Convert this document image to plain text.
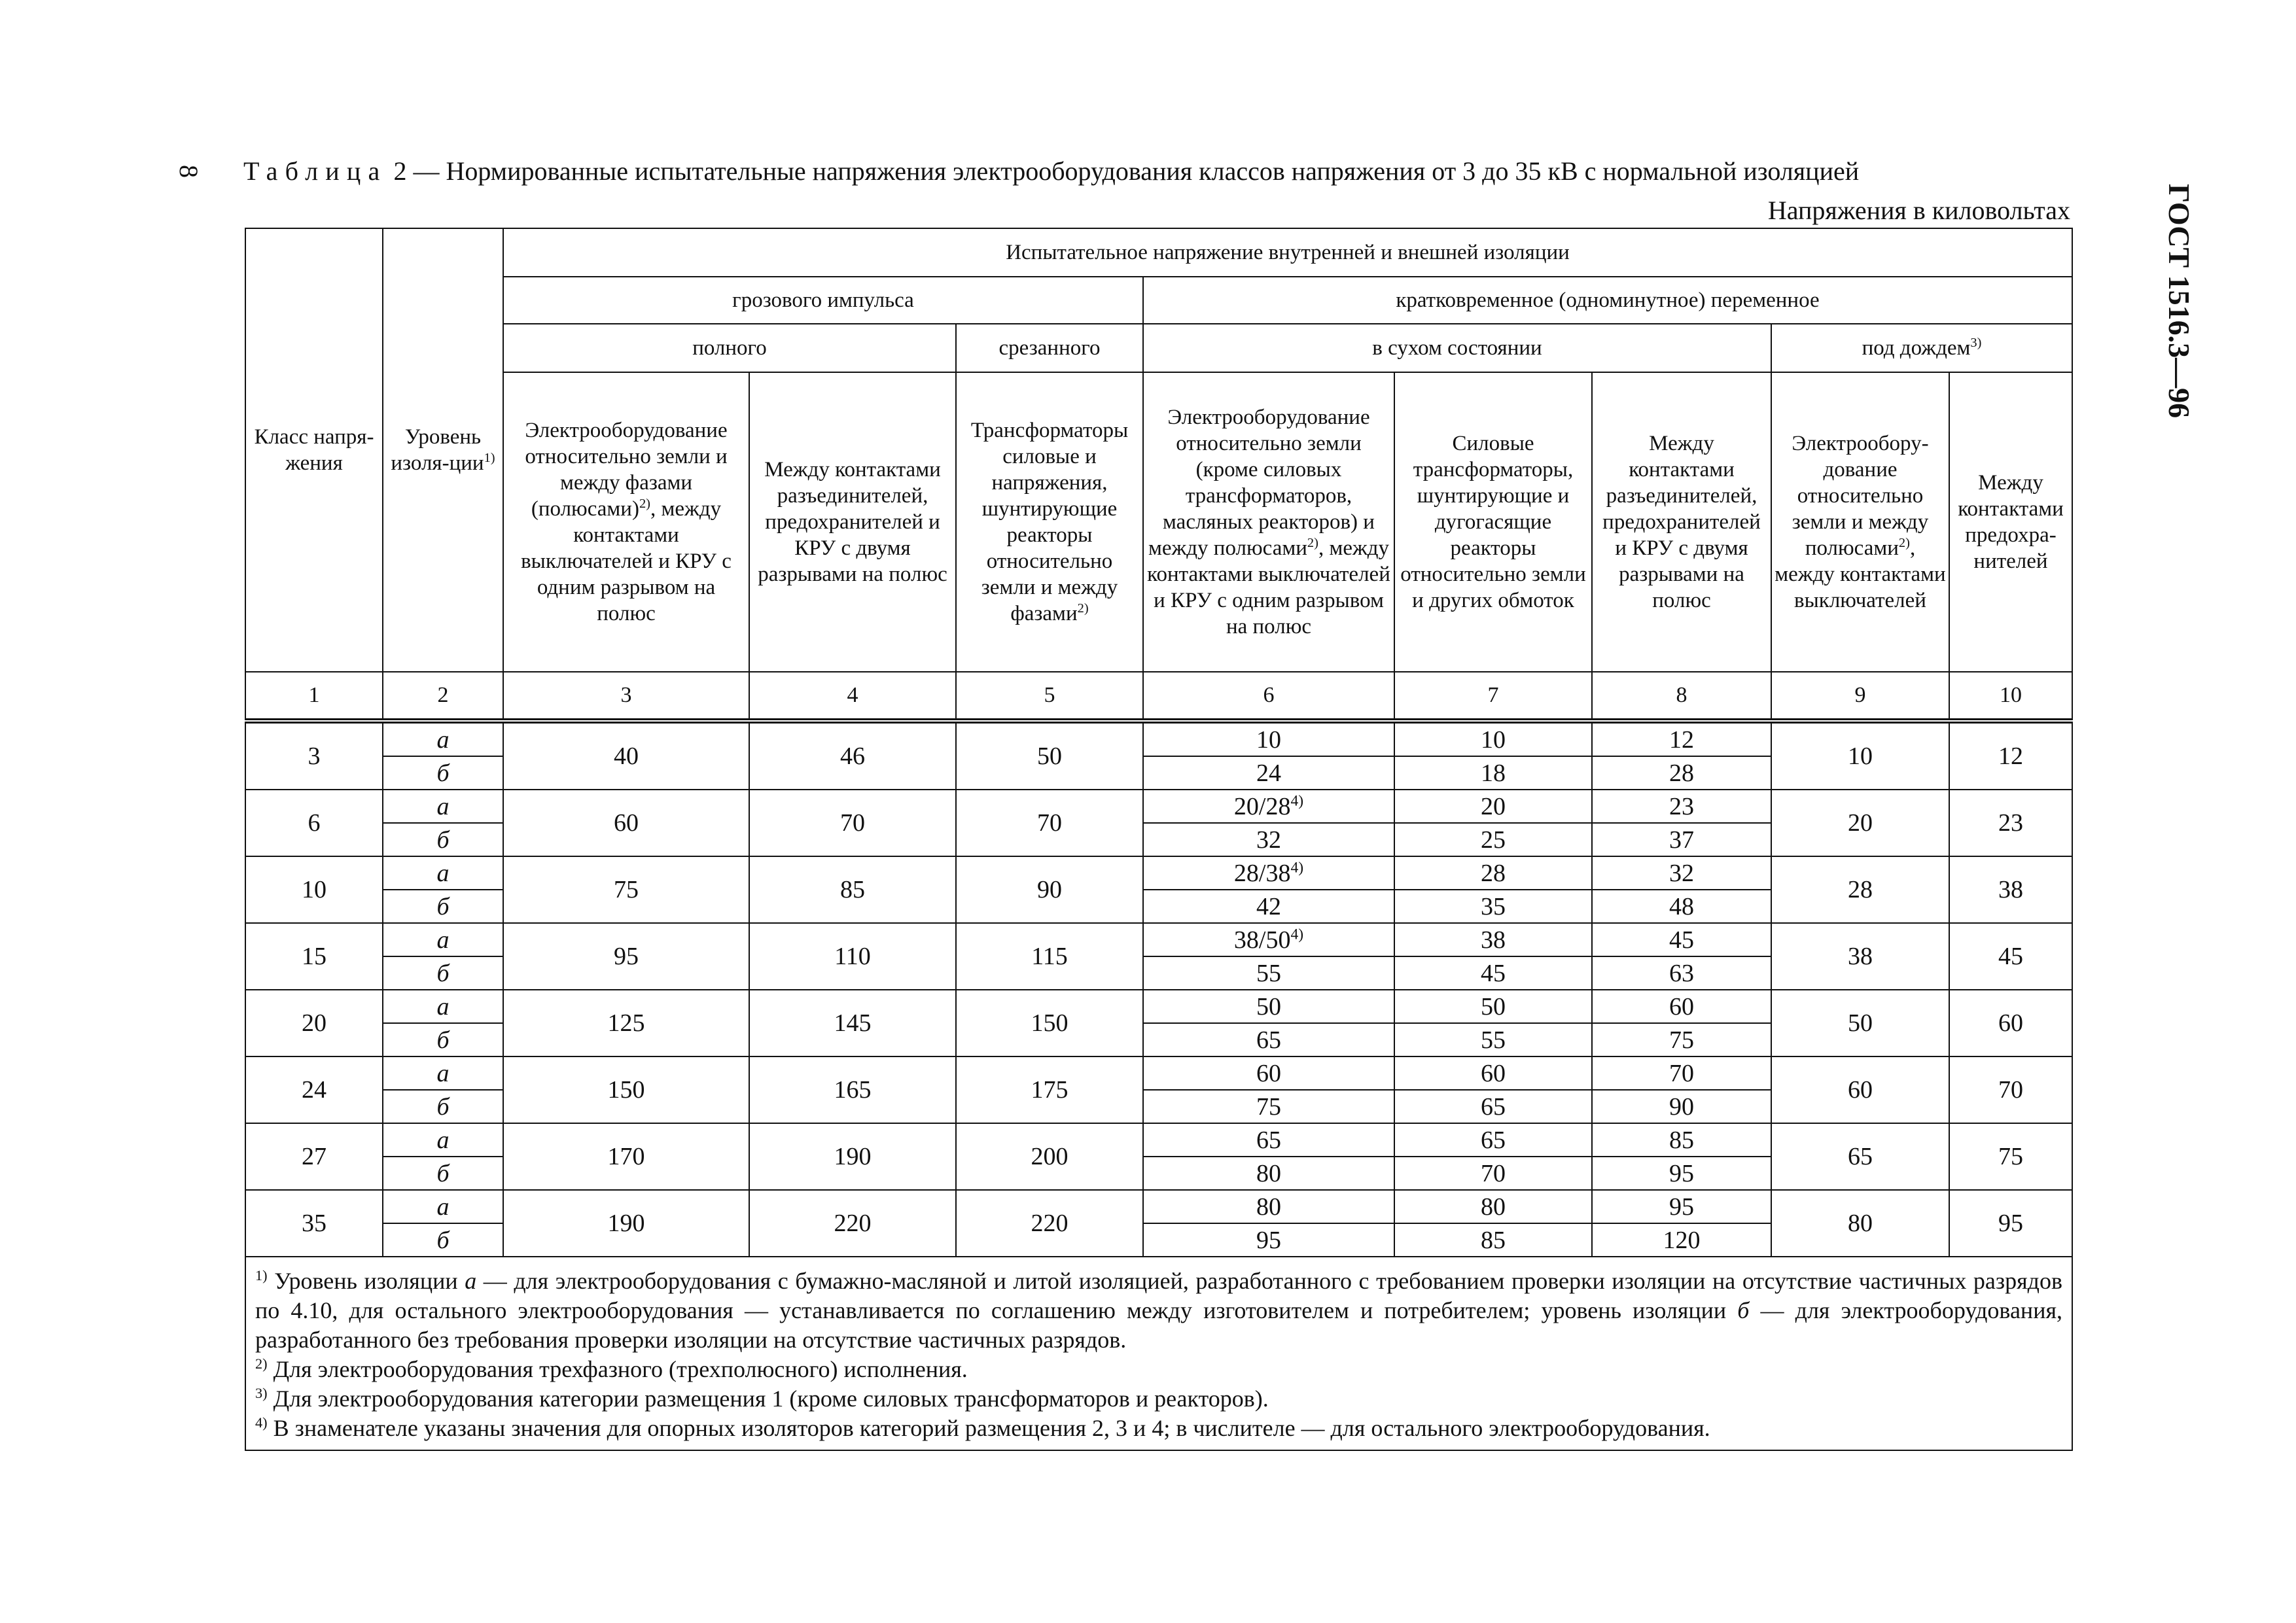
8 Таблица 2 — Нормированные испытательные напряжения электрооборудования классов напряжения от 3 до 35 кВ с нормальной изоляцией
Напряжения в киловольтах	ГОСТ 1516.3—96
Класс напря-жения	Уровень изоля-ции$^{1)}$	Испытательное напряжение внутренней и внешней изоляции							
		грозового импульса			кратковременное (одноминутное) переменное				
		полного		срезанного	в сухом состоянии			под дождем$^{3)}$
		Электрооборудование относительно земли и между фазами (полюсами)$^{2)}$, между контактами выключателей и КРУ с одним разрывом на полюс	Между контактами разъединителей, предохранителей и КРУ с двумя разрывами на полюс	Трансформаторы силовые и напряжения, шунтирующие реакторы относительно земли и между фазами$^{2)}$	Электрооборудование относительно земли (кроме силовых трансформаторов, масляных реакторов) и между полюсами$^{2)}$, между контактами выключателей и КРУ с одним разрывом на полюс	Силовые трансформаторы, шунтирующие и дугогасящие реакторы относительно земли и других обмоток	Между контактами разъединителей, предохранителей и КРУ с двумя разрывами на полюс	Электрообору-дование относительно земли и между полюсами$^{2)}$, между контактами выключателей	Между контактами предохра-нителей
1	2	3	4	5	6	7	8	9	10
3	а	40	46	50	10	10	12	10	12
	б				24	18	28		
6	а	60	70	70	20/28$^{4)}$	20	23	20	23
	б				32	25	37		
10	а	75	85	90	28/38$^{4)}$	28	32	28	38
	б				42	35	48		
15	а	95	110	115	38/50$^{4)}$	38	45	38	45
	б				55	45	63		
20	а	125	145	150	50	50	60	50	60
	б				65	55	75		
24	а	150	165	175	60	60	70	60	70
	б				75	65	90		
27	а	170	190	200	65	65	85	65	75
	б				80	70	95		
35	а	190	220	220	80	80	95	80	95
	б				95	85	120		

$^{1)}$ Уровень изоляции а — для электрооборудования с бумажно-масляной и литой изоляцией, разработанного с требованием проверки изоляции на отсутствие частичных разрядов по 4.10, для остального электрооборудования — устанавливается по соглашению между изготовителем и потребителем; уровень изоляции б — для электрооборудования, разработанного без требования проверки изоляции на отсутствие частичных разрядов.

$^{2)}$ Для электрооборудования трехфазного (трехполюсного) исполнения.

$^{3)}$ Для электрооборудования категории размещения 1 (кроме силовых трансформаторов и реакторов).

$^{4)}$ В знаменателе указаны значения для опорных изоляторов категорий размещения 2, 3 и 4; в числителе — для остального электрооборудования.									
